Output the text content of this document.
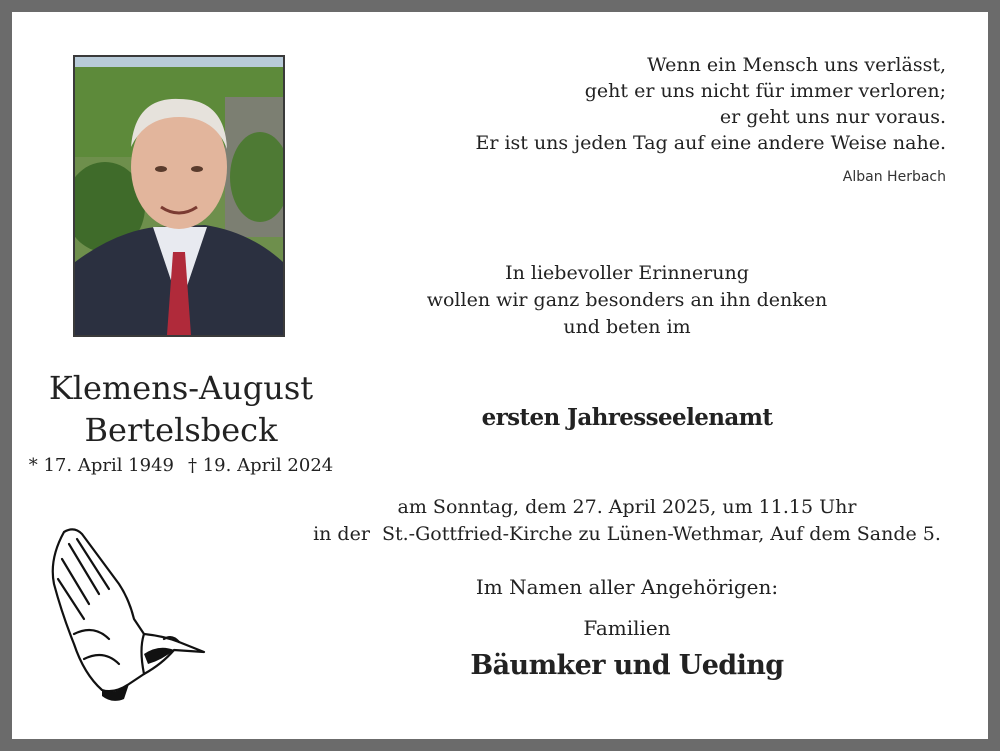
Wenn ein Mensch uns verlässt,
geht er uns nicht für immer verloren;
er geht uns nur voraus.
Er ist uns jeden Tag auf eine andere Weise nahe.
Alban Herbach
In liebevoller Erinnerung
wollen wir ganz besonders an ihn denken
und beten im
Klemens-August
Bertelsbeck
* 17. April 1949 † 19. April 2024
ersten Jahresseelenamt
am Sonntag, dem 27. April 2025, um 11.15 Uhr
in der  St.-Gottfried-Kirche zu Lünen-Wethmar, Auf dem Sande 5.
Im Namen aller Angehörigen:
Familien
Bäumker und Ueding
